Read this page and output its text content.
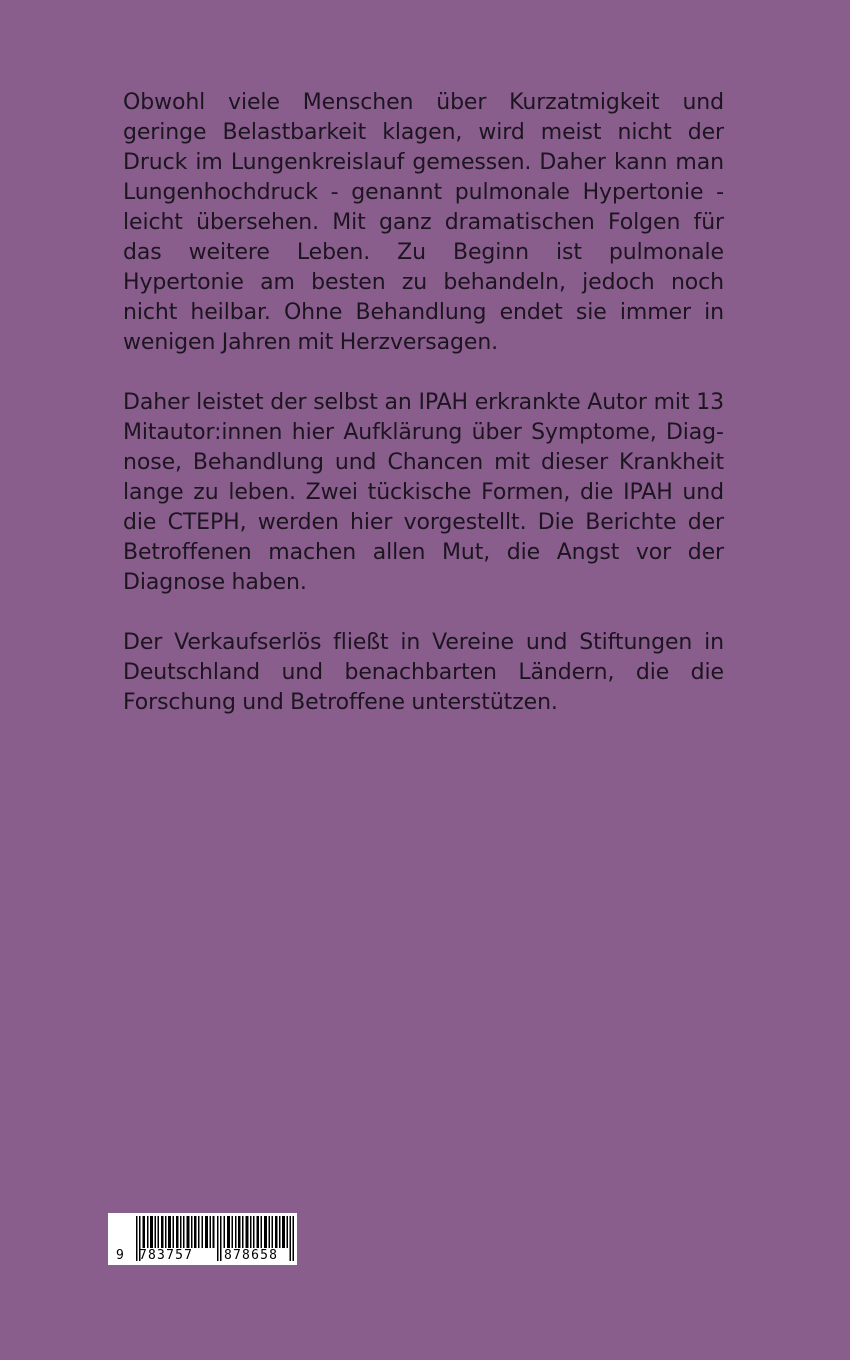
Obwohl viele Menschen über Kurzatmigkeit und geringe Belastbarkeit klagen, wird meist nicht der Druck im Lungenkreislauf gemessen. Daher kann man Lungenhochdruck - genannt pulmonale Hypertonie - leicht übersehen. Mit ganz dramatischen Folgen für das weitere Leben. Zu Beginn ist pulmonale Hypertonie am besten zu behandeln, jedoch noch nicht heilbar. Ohne Behandlung endet sie immer in wenigen Jahren mit Herzversagen.

Daher leistet der selbst an IPAH erkrankte Autor mit 13 Mitautor:innen hier Aufklärung über Symptome, Diagnose, Behandlung und Chancen mit dieser Krankheit lange zu leben. Zwei tückische Formen, die IPAH und die CTEPH, werden hier vorgestellt. Die Berichte der Betroffenen machen allen Mut, die Angst vor der Diagnose haben.

Der Verkaufserlös fließt in Vereine und Stiftungen in Deutschland und benachbarten Ländern, die die Forschung und Betroffene unterstützen.

9 783757 878658
